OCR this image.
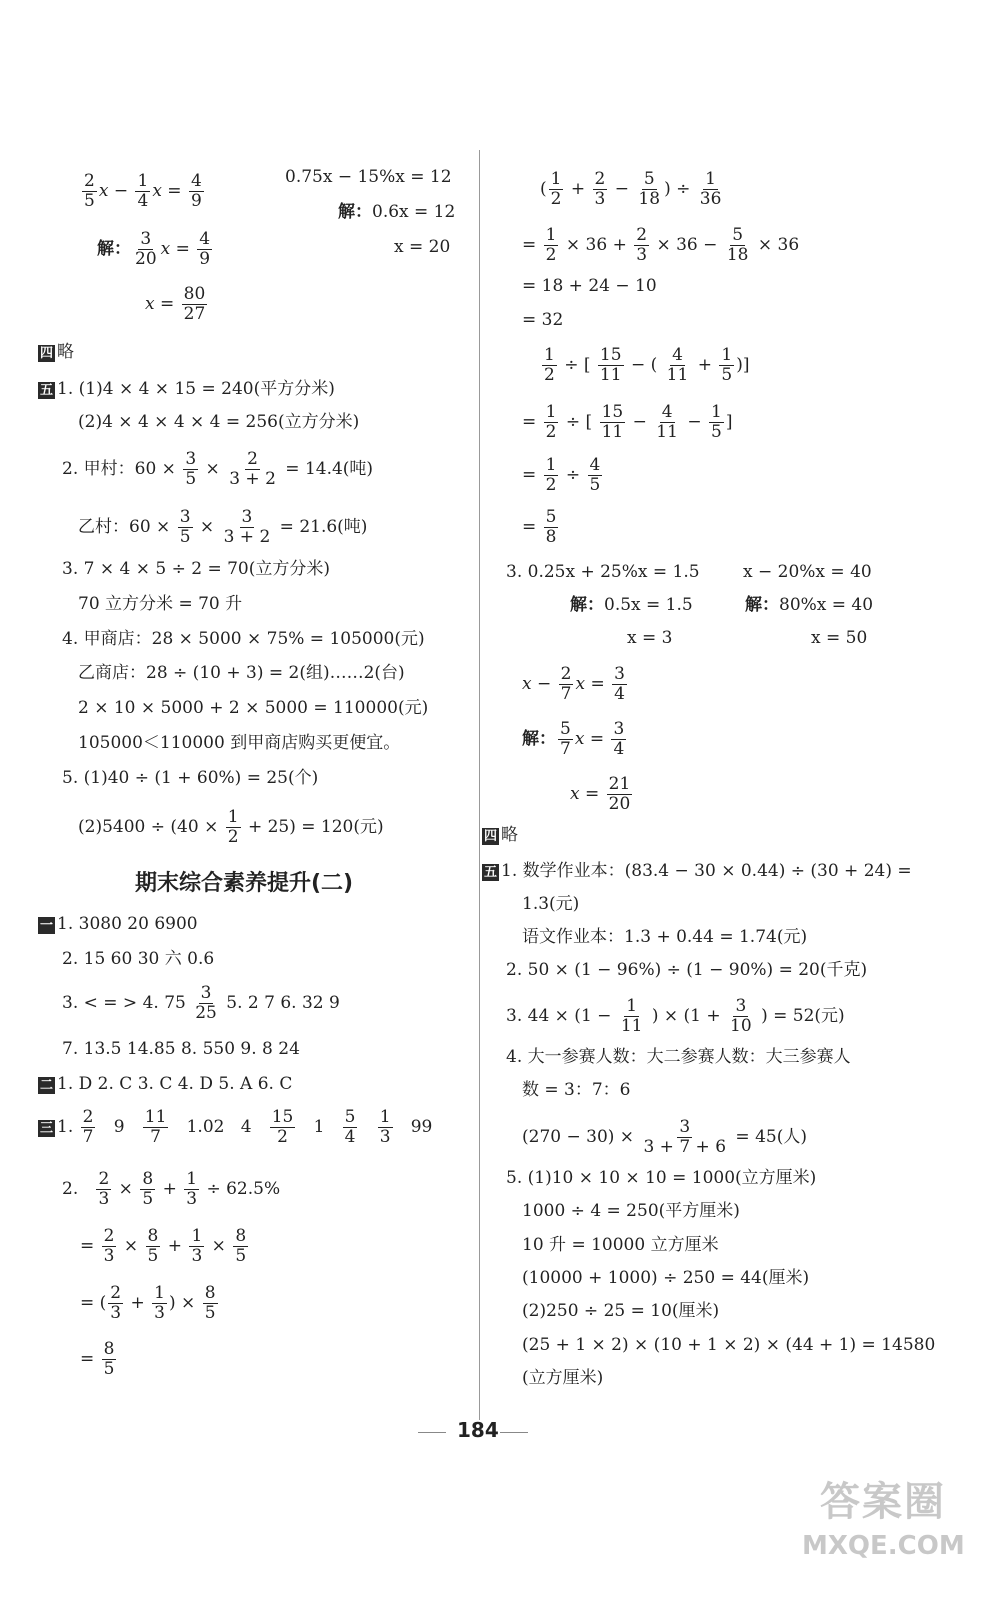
$\frac{2}{5}$ $x - \frac{1}{4}$ $x = \frac{4}{9}$	0.75x − 15%x = 12
解：0.6x = 12
x = 20
解： $\frac{3}{20}$ $x = \frac{4}{9}$
$x = \frac{80}{27}$
四 略
五 1. (1)4 × 4 × 15 = 240(平方分米)
(2)4 × 4 × 4 × 4 = 256(立方分米)
2. 甲村：$60 \times \frac{3}{5} \times \frac{2}{3 + 2} = 14.4$(吨)
乙村：$60 \times \frac{3}{5} \times \frac{3}{3 + 2} = 21.6$(吨)
3. 7 × 4 × 5 ÷ 2 = 70(立方分米)
70 立方分米 = 70 升
4. 甲商店：28 × 5000 × 75% = 105000(元)
乙商店：28 ÷ (10 + 3) = 2(组)……2(台)
2 × 10 × 5000 + 2 × 5000 = 110000(元)
105000＜110000 到甲商店购买更便宜。
5. (1)40 ÷ (1 + 60%) = 25(个)
$(2)5400 \div (40 \times \frac{1}{2} + 25) = 120$(元)
期末综合素养提升(二)
一 1. 3080 20 6900
2. 15 60 30 六 0.6
3. < = > 4. $75 \frac{3}{25} 5$. 2 7 6. 32 9
7. 13.5 14.85 8. 550 9. 8 24
二 1. D 2. C 3. C 4. D 5. A 6. C
三 1. $\frac{2}{7} 9 \frac{11}{7} 1.02$ $4 \frac{15}{2} 1 \frac{5}{4}$
$\frac{1}{3} 99$
2. $\frac{2}{3} \times \frac{8}{5} + \frac{1}{3} \div 62.5\%$
= $\frac{2}{3} \times \frac{8}{5} + \frac{1}{3} \times \frac{8}{5}$
= ( $\frac{2}{3} + \frac{1}{3}$ ) × $\frac{8}{5}$
= $\frac{8}{5}$
( $\frac{1}{2} + \frac{2}{3} - \frac{5}{18}$ ) ÷ $\frac{1}{36}$
= $\frac{1}{2} \times 36 + \frac{2}{3} \times 36 - \frac{5}{18} \times 36$
= 18 + 24 − 10
= 32
$\frac{1}{2}$ ÷ [ $\frac{15}{11}$ − ( $\frac{4}{11} + \frac{1}{5}$ )]
= $\frac{1}{2}$ ÷ [ $\frac{15}{11} - \frac{4}{11} - \frac{1}{5}$ ]
= $\frac{1}{2} \div \frac{4}{5}$
= $\frac{5}{8}$
3. 0.25x + 25%x = 1.5	x − 20%x = 40
解：0.5x = 1.5	解：80%x = 40
x = 3	x = 50
$x - \frac{2}{7}$ $x = \frac{3}{4}$
解： $\frac{5}{7}$ $x = \frac{3}{4}$
$x = \frac{21}{20}$
四 略
五 1. 数学作业本：(83.4 − 30 × 0.44) ÷ (30 + 24) =
1.3(元)
语文作业本：1.3 + 0.44 = 1.74(元)
2. 50 × (1 − 96%) ÷ (1 − 90%) = 20(千克)
3. $44 \times (1 - \frac{1}{11}$ ) × ($1 + \frac{3}{10}$ ) = 52(元)
4. 大一参赛人数：大二参赛人数：大三参赛人
数 = 3：7：6
$(270 - 30) \times \frac{3}{3 + 7 + 6} = 45$(人)
5. (1)10 × 10 × 10 = 1000(立方厘米)
1000 ÷ 4 = 250(平方厘米)
10 升 = 10000 立方厘米
(10000 + 1000) ÷ 250 = 44(厘米)
(2)250 ÷ 25 = 10(厘米)
(25 + 1 × 2) × (10 + 1 × 2) × (44 + 1) = 14580
(立方厘米)
184
答案圈
MXQE.COM
